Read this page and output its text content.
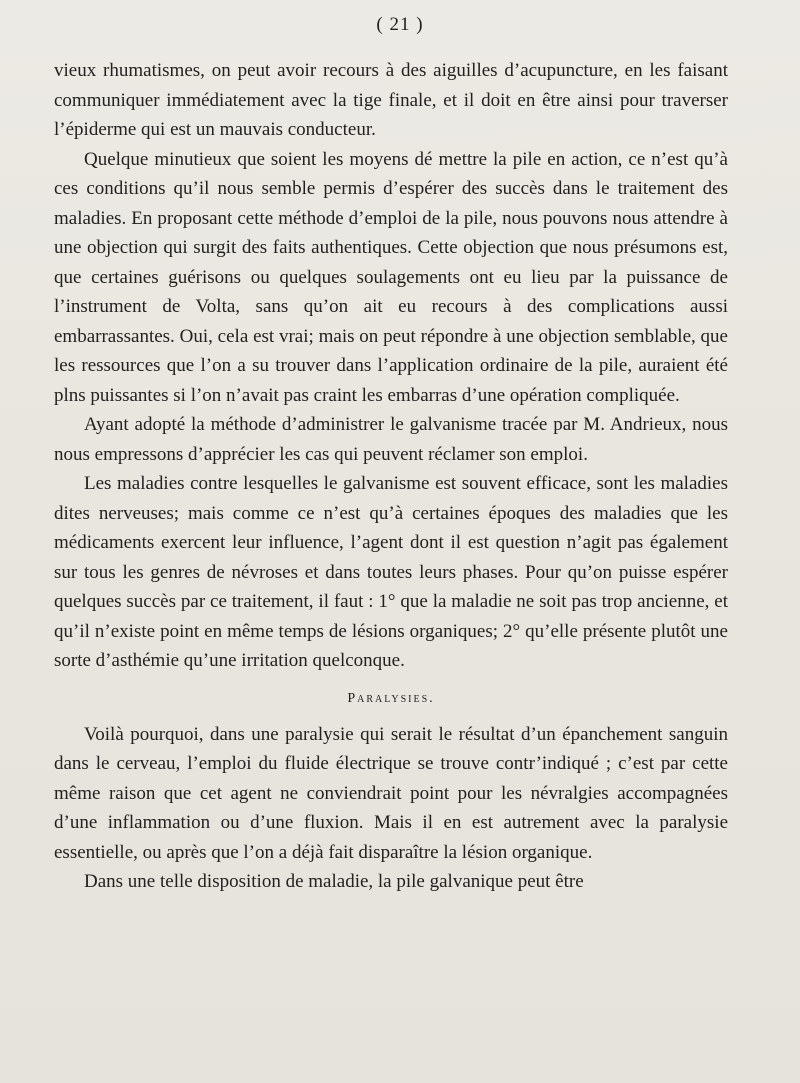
( 21 )

vieux rhumatismes, on peut avoir recours à des aiguilles d’acupuncture, en les faisant communiquer immédiatement avec la tige finale, et il doit en être ainsi pour traverser l’épiderme qui est un mauvais conducteur.

Quelque minutieux que soient les moyens dé mettre la pile en action, ce n’est qu’à ces conditions qu’il nous semble permis d’espérer des succès dans le traitement des maladies. En proposant cette méthode d’emploi de la pile, nous pouvons nous attendre à une objection qui surgit des faits authentiques. Cette objection que nous présumons est, que certaines guérisons ou quelques soulagements ont eu lieu par la puissance de l’instrument de Volta, sans qu’on ait eu recours à des complications aussi embarrassantes. Oui, cela est vrai; mais on peut répondre à une objection semblable, que les ressources que l’on a su trouver dans l’application ordinaire de la pile, auraient été plns puissantes si l’on n’avait pas craint les embarras d’une opération compliquée.

Ayant adopté la méthode d’administrer le galvanisme tracée par M. Andrieux, nous nous empressons d’apprécier les cas qui peuvent réclamer son emploi.

Les maladies contre lesquelles le galvanisme est souvent efficace, sont les maladies dites nerveuses; mais comme ce n’est qu’à certaines époques des maladies que les médicaments exercent leur influence, l’agent dont il est question n’agit pas également sur tous les genres de névroses et dans toutes leurs phases. Pour qu’on puisse espérer quelques succès par ce traitement, il faut : 1° que la maladie ne soit pas trop ancienne, et qu’il n’existe point en même temps de lésions organiques; 2° qu’elle présente plutôt une sorte d’asthémie qu’une irritation quelconque.

Paralysies.

Voilà pourquoi, dans une paralysie qui serait le résultat d’un épanchement sanguin dans le cerveau, l’emploi du fluide électrique se trouve contr’indiqué ; c’est par cette même raison que cet agent ne conviendrait point pour les névralgies accompagnées d’une inflammation ou d’une fluxion. Mais il en est autrement avec la paralysie essentielle, ou après que l’on a déjà fait disparaître la lésion organique.

Dans une telle disposition de maladie, la pile galvanique peut être
